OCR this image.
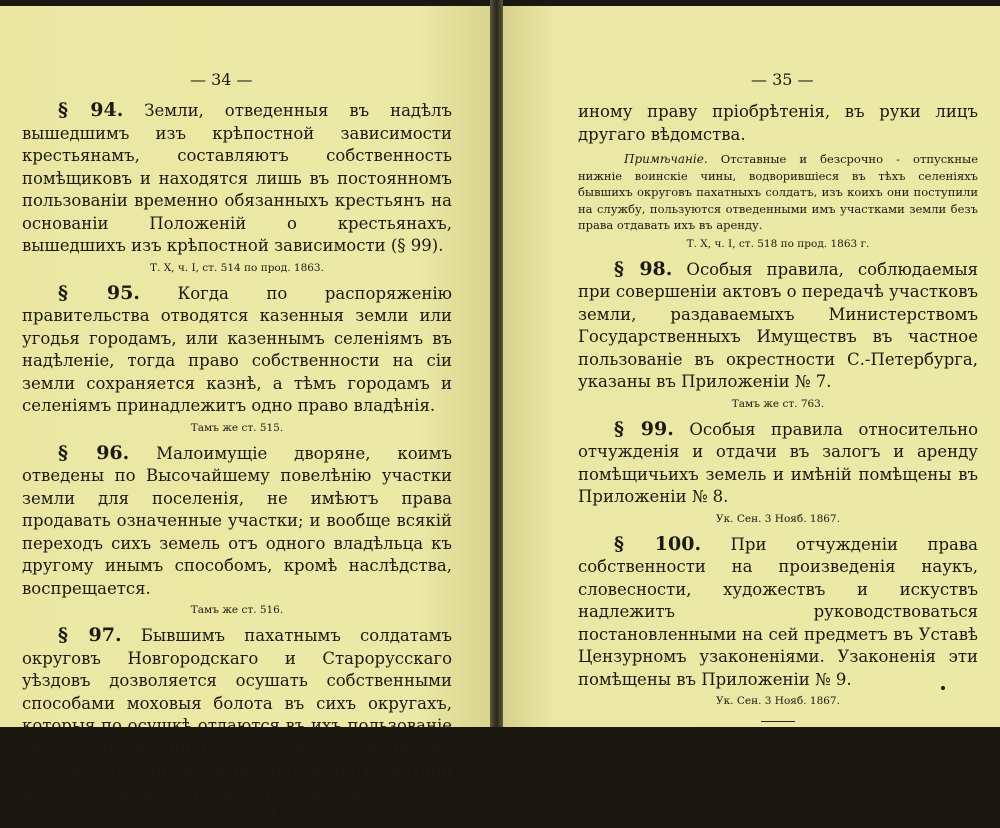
— 34 —

§ 94. Земли, отведенныя въ надѣлъ вышедшимъ изъ крѣпостной зависимости крестьянамъ, составляютъ собственность помѣщиковъ и находятся лишь въ постоянномъ пользованіи временно обязанныхъ крестьянъ на основаніи Положеній о крестьянахъ, вышедшихъ изъ крѣпостной зависимости (§ 99).

Т. X, ч. I, ст. 514 по прод. 1863.

§ 95. Когда по распоряженію правительства отводятся казенныя земли или угодья городамъ, или казеннымъ селеніямъ въ надѣленіе, тогда право собственности на сіи земли сохраняется казнѣ, а тѣмъ городамъ и селеніямъ принадлежитъ одно право владѣнія.

Тамъ же ст. 515.

§ 96. Малоимущіе дворяне, коимъ отведены по Высочайшему повелѣнію участки земли для поселенія, не имѣютъ права продавать означенные участки; и вообще всякій переходъ сихъ земель отъ одного владѣльца къ другому инымъ способомъ, кромѣ наслѣдства, воспрещается.

Тамъ же ст. 516.

§ 97. Бывшимъ пахатнымъ солдатамъ округовъ Новгородскаго и Старорусскаго уѣздовъ дозволяется осушать собственными способами моховыя болота въ сихъ округахъ, которыя по осушкѣ отдаются въ ихъ пользованіе сверхъ опредѣленнаго надѣла по положенію, но съ тѣмъ, что сіи земли не составляютъ частной ихъ собственности, и что они не могутъ передавать оныя ни по наслѣдству, ни по

— 35 —

иному праву пріобрѣтенія, въ руки лицъ другаго вѣдомства.

Примѣчаніе. Отставные и безсрочно - отпускные нижніе воинскіе чины, водворившіеся въ тѣхъ селеніяхъ бывшихъ округовъ пахатныхъ солдатъ, изъ коихъ они поступили на службу, пользуются отведенными имъ участками земли безъ права отдавать ихъ въ аренду.
Т. X, ч. I, ст. 518 по прод. 1863 г.

§ 98. Особыя правила, соблюдаемыя при совершеніи актовъ о передачѣ участковъ земли, раздаваемыхъ Министерствомъ Государственныхъ Имуществъ въ частное пользованіе въ окрестности С.-Петербурга, указаны въ Приложеніи № 7.

Тамъ же ст. 763.

§ 99. Особыя правила относительно отчужденія и отдачи въ залогъ и аренду помѣщичьихъ земель и имѣній помѣщены въ Приложеніи № 8.

Ук. Сен. 3 Нояб. 1867.

§ 100. При отчужденіи права собственности на произведенія наукъ, словесности, художествъ и искуствъ надлежитъ руководствоваться постановленными на сей предметъ въ Уставѣ Цензурномъ узаконеніями. Узаконенія эти помѣщены въ Приложеніи № 9.

Ук. Сен. 3 Нояб. 1867.
